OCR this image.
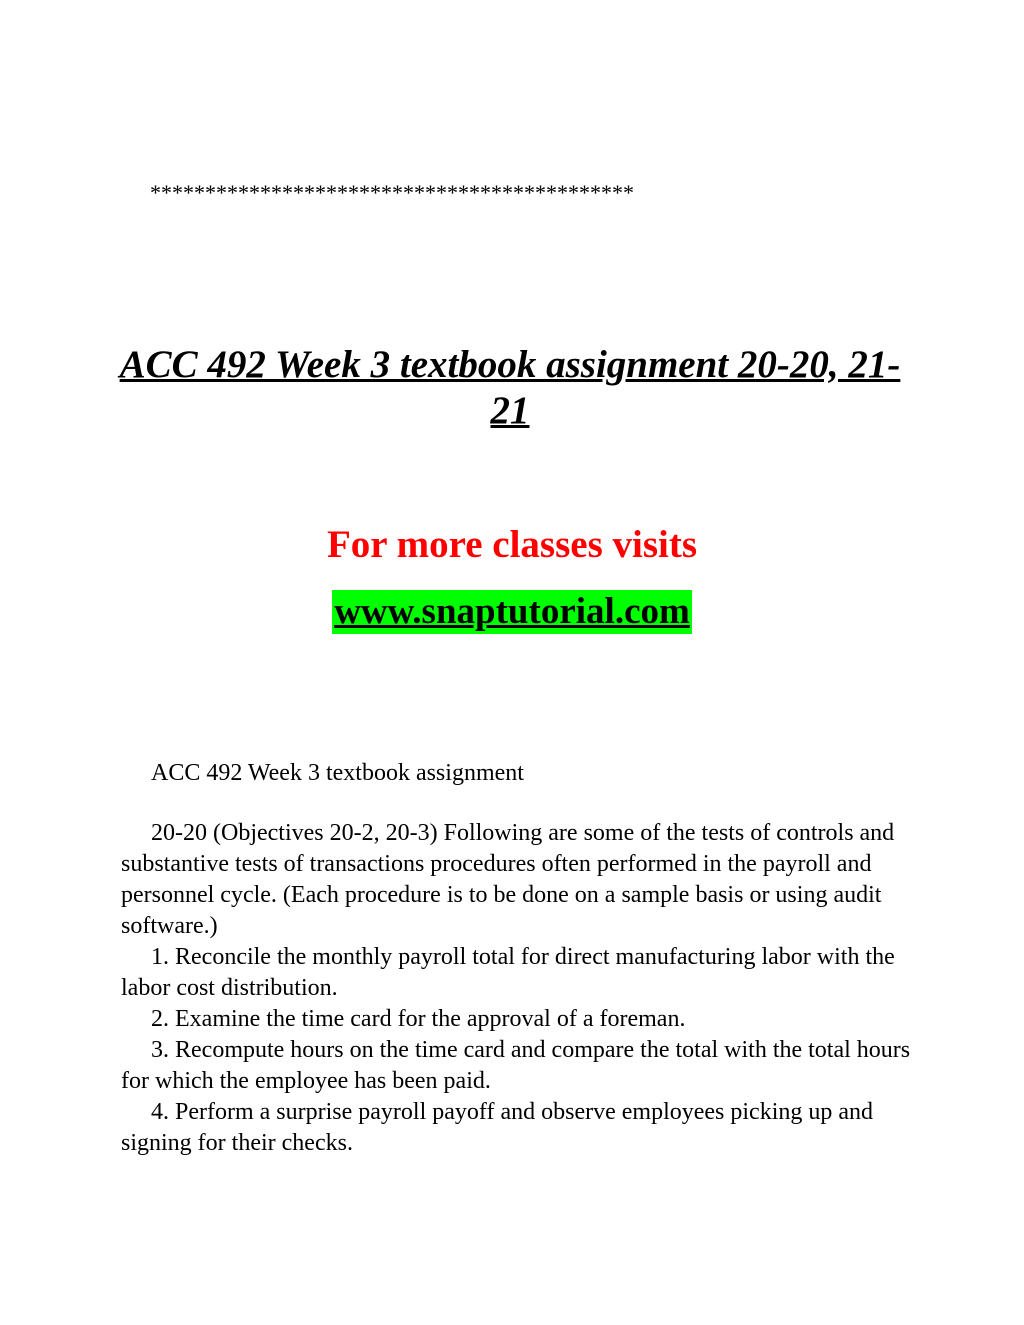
********************************************
ACC 492 Week 3 textbook assignment 20-20, 21-
21
For more classes visits
www.snaptutorial.com
ACC 492 Week 3 textbook assignment

20-20 (Objectives 20-2, 20-3) Following are some of the tests of controls and substantive tests of transactions procedures often performed in the payroll and personnel cycle. (Each procedure is to be done on a sample basis or using audit software.)

1. Reconcile the monthly payroll total for direct manufacturing labor with the labor cost distribution.

2. Examine the time card for the approval of a foreman.

3. Recompute hours on the time card and compare the total with the total hours for which the employee has been paid.

4. Perform a surprise payroll payoff and observe employees picking up and signing for their checks.
